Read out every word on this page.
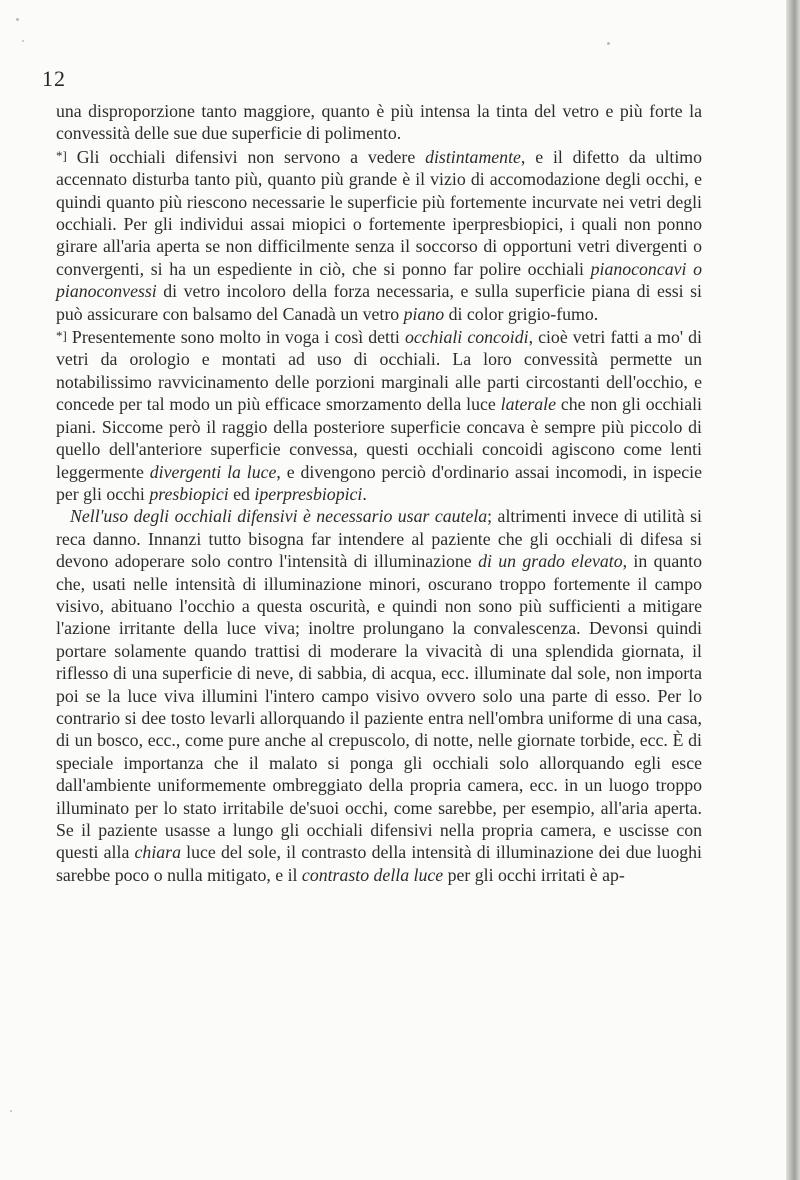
12

una disproporzione tanto maggiore, quanto è più intensa la tinta del vetro e più forte la convessità delle sue due superficie di polimento.

*] Gli occhiali difensivi non servono a vedere distintamente, e il difetto da ultimo accennato disturba tanto più, quanto più grande è il vizio di accomodazione degli occhi, e quindi quanto più riescono necessarie le superficie più fortemente incurvate nei vetri degli occhiali. Per gli individui assai miopici o fortemente iperpresbiopici, i quali non ponno girare all'aria aperta se non difficilmente senza il soccorso di opportuni vetri divergenti o convergenti, si ha un espediente in ciò, che si ponno far polire occhiali pianoconcavi o pianoconvessi di vetro incoloro della forza necessaria, e sulla superficie piana di essi si può assicurare con balsamo del Canadà un vetro piano di color grigio-fumo.

*] Presentemente sono molto in voga i così detti occhiali concoidi, cioè vetri fatti a mo' di vetri da orologio e montati ad uso di occhiali. La loro convessità permette un notabilissimo ravvicinamento delle porzioni marginali alle parti circostanti dell'occhio, e concede per tal modo un più efficace smorzamento della luce laterale che non gli occhiali piani. Siccome però il raggio della posteriore superficie concava è sempre più piccolo di quello dell'anteriore superficie convessa, questi occhiali concoidi agiscono come lenti leggermente divergenti la luce, e divengono perciò d'ordinario assai incomodi, in ispecie per gli occhi presbiopici ed iperpresbiopici.

Nell'uso degli occhiali difensivi è necessario usar cautela; altrimenti invece di utilità si reca danno. Innanzi tutto bisogna far intendere al paziente che gli occhiali di difesa si devono adoperare solo contro l'intensità di illuminazione di un grado elevato, in quanto che, usati nelle intensità di illuminazione minori, oscurano troppo fortemente il campo visivo, abituano l'occhio a questa oscurità, e quindi non sono più sufficienti a mitigare l'azione irritante della luce viva; inoltre prolungano la convalescenza. Devonsi quindi portare solamente quando trattisi di moderare la vivacità di una splendida giornata, il riflesso di una superficie di neve, di sabbia, di acqua, ecc. illuminate dal sole, non importa poi se la luce viva illumini l'intero campo visivo ovvero solo una parte di esso. Per lo contrario si dee tosto levarli allorquando il paziente entra nell'ombra uniforme di una casa, di un bosco, ecc., come pure anche al crepuscolo, di notte, nelle giornate torbide, ecc. È di speciale importanza che il malato si ponga gli occhiali solo allorquando egli esce dall'ambiente uniformemente ombreggiato della propria camera, ecc. in un luogo troppo illuminato per lo stato irritabile de'suoi occhi, come sarebbe, per esempio, all'aria aperta. Se il paziente usasse a lungo gli occhiali difensivi nella propria camera, e uscisse con questi alla chiara luce del sole, il contrasto della intensità di illuminazione dei due luoghi sarebbe poco o nulla mitigato, e il contrasto della luce per gli occhi irritati è ap-
